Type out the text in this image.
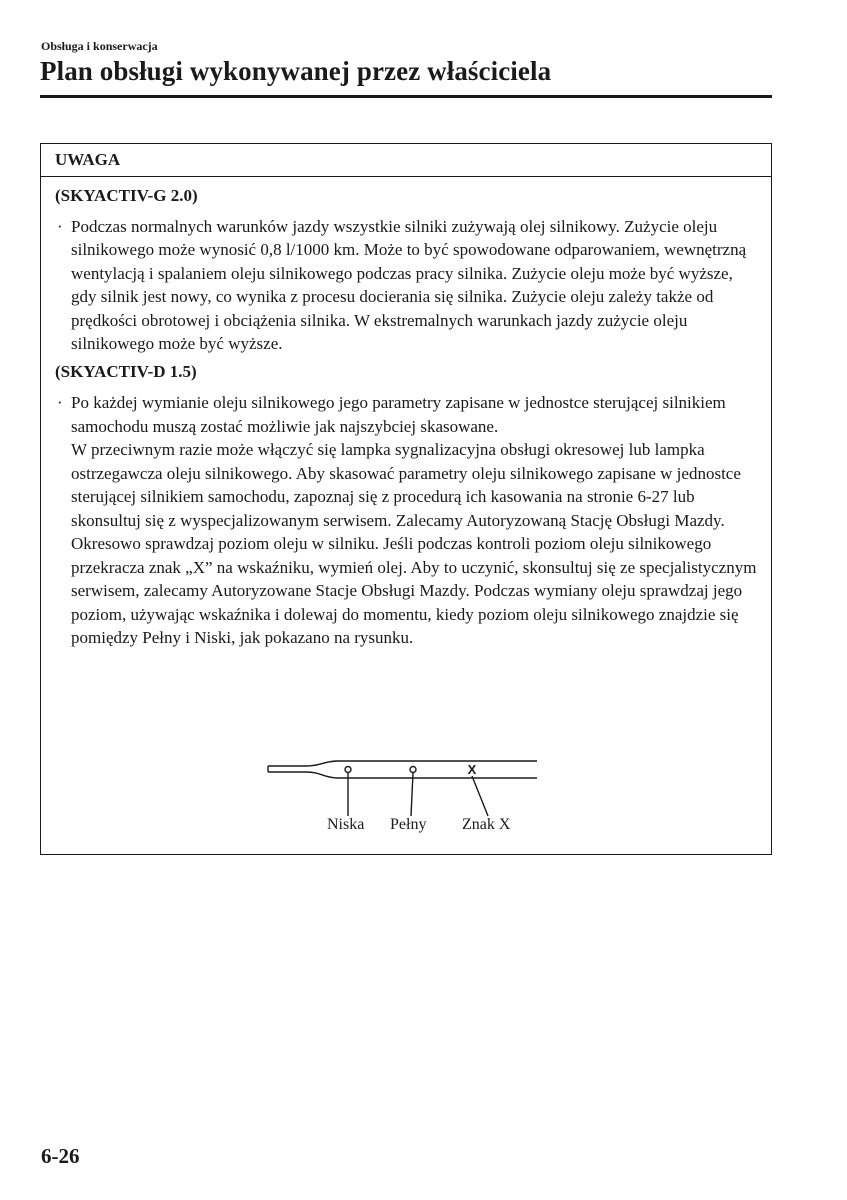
Obsługa i konserwacja
Plan obsługi wykonywanej przez właściciela
UWAGA
(SKYACTIV-G 2.0)
· Podczas normalnych warunków jazdy wszystkie silniki zużywają olej silnikowy. Zużycie oleju silnikowego może wynosić 0,8 l/1000 km. Może to być spowodowane odparowaniem, wewnętrzną wentylacją i spalaniem oleju silnikowego podczas pracy silnika. Zużycie oleju może być wyższe, gdy silnik jest nowy, co wynika z procesu docierania się silnika. Zużycie oleju zależy także od prędkości obrotowej i obciążenia silnika. W ekstremalnych warunkach jazdy zużycie oleju silnikowego może być wyższe.

(SKYACTIV-D 1.5)
· Po każdej wymianie oleju silnikowego jego parametry zapisane w jednostce sterującej silnikiem samochodu muszą zostać możliwie jak najszybciej skasowane.

W przeciwnym razie może włączyć się lampka sygnalizacyjna obsługi okresowej lub lampka ostrzegawcza oleju silnikowego. Aby skasować parametry oleju silnikowego zapisane w jednostce sterującej silnikiem samochodu, zapoznaj się z procedurą ich kasowania na stronie 6-27 lub skonsultuj się z wyspecjalizowanym serwisem. Zalecamy Autoryzowaną Stację Obsługi Mazdy.

Okresowo sprawdzaj poziom oleju w silniku. Jeśli podczas kontroli poziom oleju silnikowego przekracza znak „X” na wskaźniku, wymień olej. Aby to uczynić, skonsultuj się ze specjalistycznym serwisem, zalecamy Autoryzowane Stacje Obsługi Mazdy. Podczas wymiany oleju sprawdzaj jego poziom, używając wskaźnika i dolewaj do momentu, kiedy poziom oleju silnikowego znajdzie się pomiędzy Pełny i Niski, jak pokazano na rysunku.

X
Niska Pełny Znak X
6-26
